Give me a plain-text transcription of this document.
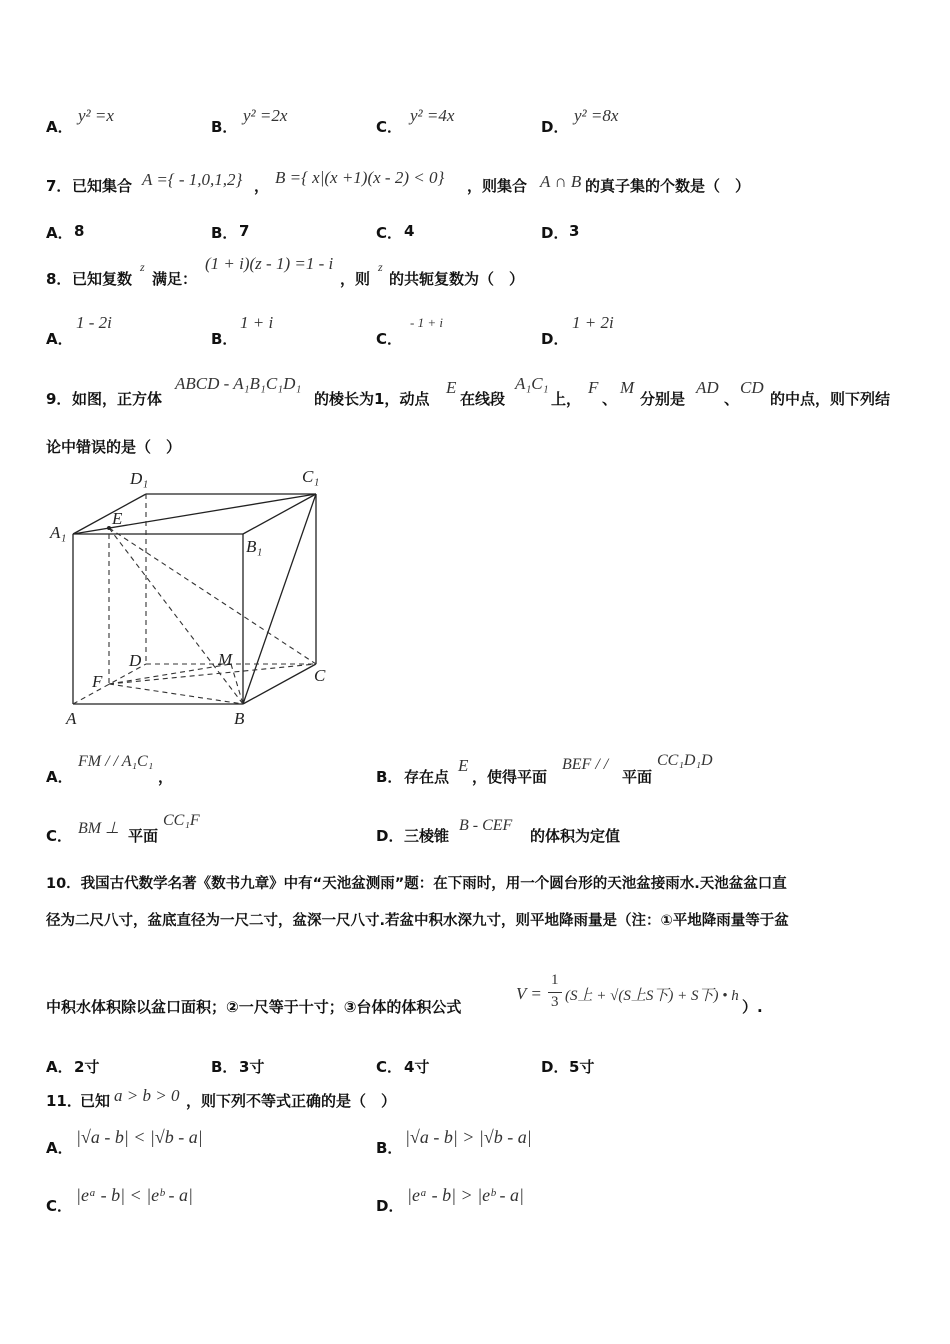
A．
y² =x
B．
y² =2x
C．
y² =4x
D．
y² =8x
7． 已知集合 A ={ - 1,0,1,2} ， B ={ x|(x +1)(x - 2) < 0} ，则集合 A ∩ B 的真子集的个数是（　）
A． 8	B． 7	C． 4	D． 3
8． 已知复数
z
满足：
(1 + i)(z - 1) =1 - i
，则
z
的共轭复数为（　）
A．
1 - 2i
B．
1 + i
C．
- 1 + i
D．
1 + 2i
9． 如图，正方体
ABCD - A₁B₁C₁D₁
的棱长为1，动点
E
在线段
A₁C₁
上，
F
、
M
分别是
AD
、
CD
的中点，则下列结
论中错误的是（　）
A₁
B₁
C₁
D₁
A	B
C
D
E
F
M
A．
FM / / A₁C₁
，	B． 存在点
E
，使得平面
BEF / /
平面
CC₁D₁D
C． BM ⊥ 平面
CC₁F
D． 三棱锥
B - CEF
的体积为定值
10．我国古代数学名著《数书九章》中有“天池盆测雨”题：在下雨时，用一个圆台形的天池盆接雨水.天池盆盆口直
径为二尺八寸，盆底直径为一尺二寸，盆深一尺八寸.若盆中积水深九寸，则平地降雨量是（注：①平地降雨量等于盆
中积水体积除以盆口面积；②一尺等于十寸；③台体的体积公式
V =
1
3 (S上 + √(S上S下) + S下) • h
）.
A． 2寸	B． 3寸	C． 4寸	D． 5寸
11．
已知 a > b > 0 ，则下列不等式正确的是（　）
A．
|√a - b| < |√b - a|
B．
|√a - b| > |√b - a|
C．
|eᵃ - b| < |eᵇ - a|
D．
|eᵃ - b| > |eᵇ - a|
